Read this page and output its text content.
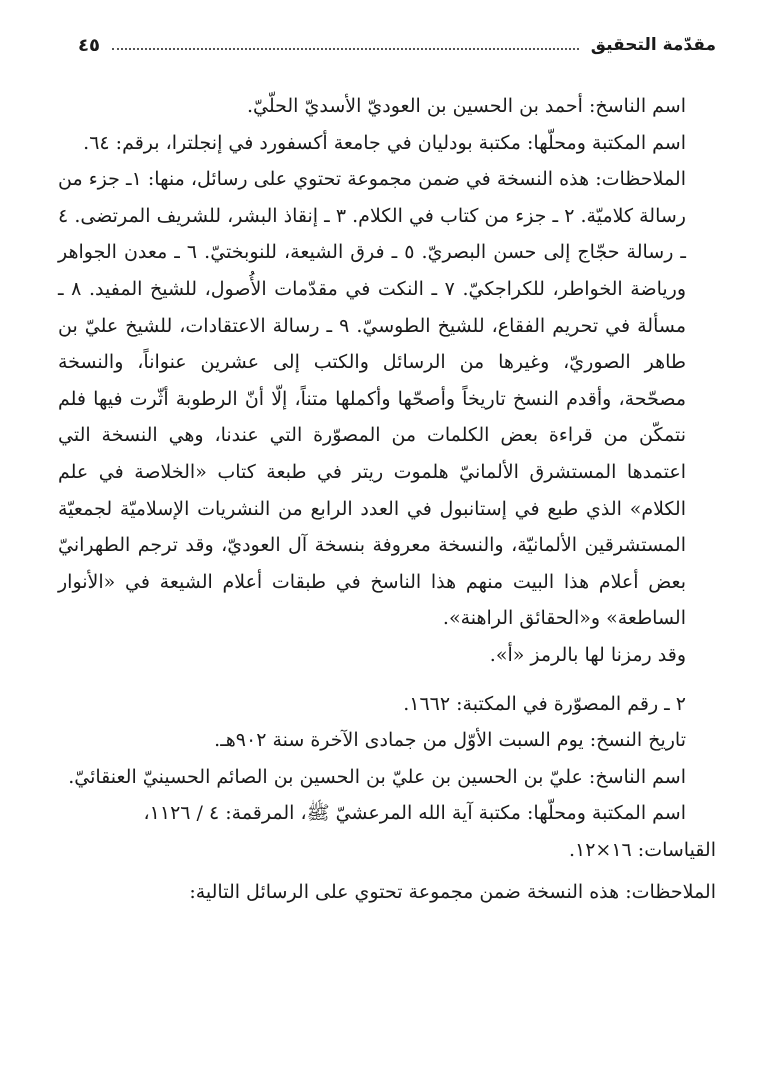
مقدّمة التحقيق
٤٥

اسم الناسخ: أحمد بن الحسين بن العوديّ الأسديّ الحلّيّ.

اسم المكتبة ومحلّها: مكتبة بودليان في جامعة أكسفورد في إنجلترا، برقم: ٦٤.

الملاحظات: هذه النسخة في ضمن مجموعة تحتوي على رسائل، منها: ١ـ جزء من رسالة كلاميّة. ٢ ـ جزء من كتاب في الكلام. ٣ ـ إنقاذ البشر، للشريف المرتضى. ٤ ـ رسالة حجّاج إلى حسن البصريّ. ٥ ـ فرق الشيعة، للنوبختيّ. ٦ ـ معدن الجواهر ورياضة الخواطر، للكراجكيّ. ٧ ـ النكت في مقدّمات الأُصول، للشيخ المفيد. ٨ ـ مسألة في تحريم الفقاع، للشيخ الطوسيّ. ٩ ـ رسالة الاعتقادات، للشيخ عليّ بن طاهر الصوريّ، وغيرها من الرسائل والكتب إلى عشرين عنواناً، والنسخة مصحّحة، وأقدم النسخ تاريخاً وأصحّها وأكملها متناً، إلّا أنّ الرطوبة أثّرت فيها فلم نتمكّن من قراءة بعض الكلمات من المصوّرة التي عندنا، وهي النسخة التي اعتمدها المستشرق الألمانيّ هلموت ريتر في طبعة كتاب «الخلاصة في علم الكلام» الذي طبع في إستانبول في العدد الرابع من النشريات الإسلاميّة لجمعيّة المستشرقين الألمانيّة، والنسخة معروفة بنسخة آل العوديّ، وقد ترجم الطهرانيّ بعض أعلام هذا البيت منهم هذا الناسخ في طبقات أعلام الشيعة في «الأنوار الساطعة» و«الحقائق الراهنة».

وقد رمزنا لها بالرمز «أ».

٢ ـ رقم المصوّرة في المكتبة: ١٦٦٢.

تاريخ النسخ: يوم السبت الأوّل من جمادى الآخرة سنة ٩٠٢هـ.

اسم الناسخ: عليّ بن الحسين بن عليّ بن الحسين بن الصائم الحسينيّ العنقائيّ.

اسم المكتبة ومحلّها: مكتبة آية الله المرعشيّ ﷺ، المرقمة: ٤ / ١١٢٦،

القياسات: ١٦×١٢.

الملاحظات: هذه النسخة ضمن مجموعة تحتوي على الرسائل التالية:
